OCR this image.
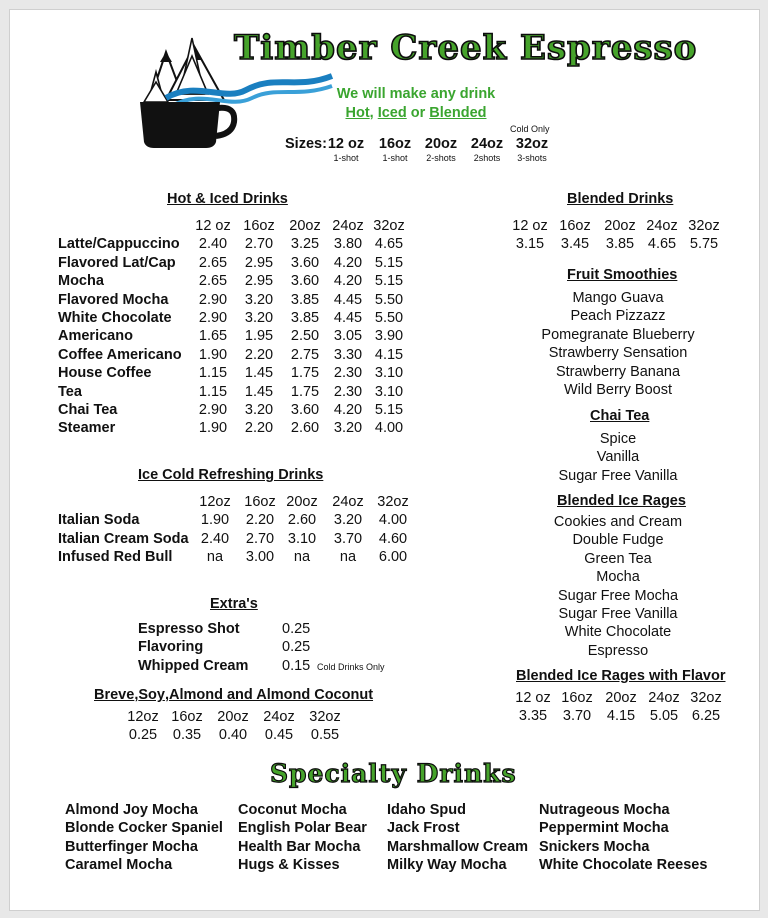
Timber Creek Espresso
We will make any drink
Hot, Iced or Blended
Cold Only
Sizes: 12 oz
1-shot
16oz
1-shot
20oz
2-shots
24oz
2shots
32oz
3-shots
Hot & Iced Drinks
12 oz 16oz	20oz 24oz 32oz
Latte/Cappuccino	2.40	2.70	3.25	3.80 4.65
Flavored Lat/Cap	2.65	2.95	3.60	4.20 5.15
Mocha	2.65	2.95	3.60	4.20 5.15
Flavored Mocha	2.90	3.20	3.85	4.45 5.50
White Chocolate	2.90	3.20	3.85	4.45 5.50
Americano	1.65	1.95	2.50	3.05 3.90
Coffee Americano	1.90	2.20	2.75	3.30 4.15
House Coffee	1.15	1.45	1.75	2.30 3.10
Tea	1.15	1.45	1.75	2.30 3.10
Chai Tea	2.90	3.20	3.60	4.20 5.15
Steamer	1.90	2.20	2.60	3.20 4.00
Ice Cold Refreshing Drinks
12oz 16oz 20oz	24oz 32oz
Italian Soda	1.90	2.20 2.60	3.20	4.00
Italian Cream Soda 2.40	2.70 3.10	3.70	4.60
Infused Red Bull	na	3.00	na	na	6.00
Extra's
Espresso Shot	0.25
Flavoring	0.25
Whipped Cream 0.15 Cold Drinks Only
Breve,Soy,Almond and Almond Coconut
12oz 16oz	20oz	24oz	32oz
0.25	0.35	0.40	0.45	0.55
Blended Drinks
12 oz 16oz 20oz 24oz 32oz
3.15	3.45	3.85 4.65 5.75
Fruit Smoothies
Mango Guava
Peach Pizzazz
Pomegranate Blueberry
Strawberry Sensation
Strawberry Banana
Wild Berry Boost
Chai Tea
Spice
Vanilla
Sugar Free Vanilla
Blended Ice Rages
Cookies and Cream
Double Fudge
Green Tea
Mocha
Sugar Free Mocha
Sugar Free Vanilla
White Chocolate
Espresso
Blended Ice Rages with Flavor
12 oz 16oz 20oz 24oz 32oz
3.35	3.70	4.15	5.05 6.25
Specialty Drinks
Almond Joy Mocha
Blonde Cocker Spaniel
Butterfinger Mocha
Caramel Mocha
Coconut Mocha
English Polar Bear
Health Bar Mocha
Hugs & Kisses
Idaho Spud
Jack Frost
Marshmallow Cream
Milky Way Mocha
Nutrageous Mocha
Peppermint Mocha
Snickers Mocha
White Chocolate Reeses
